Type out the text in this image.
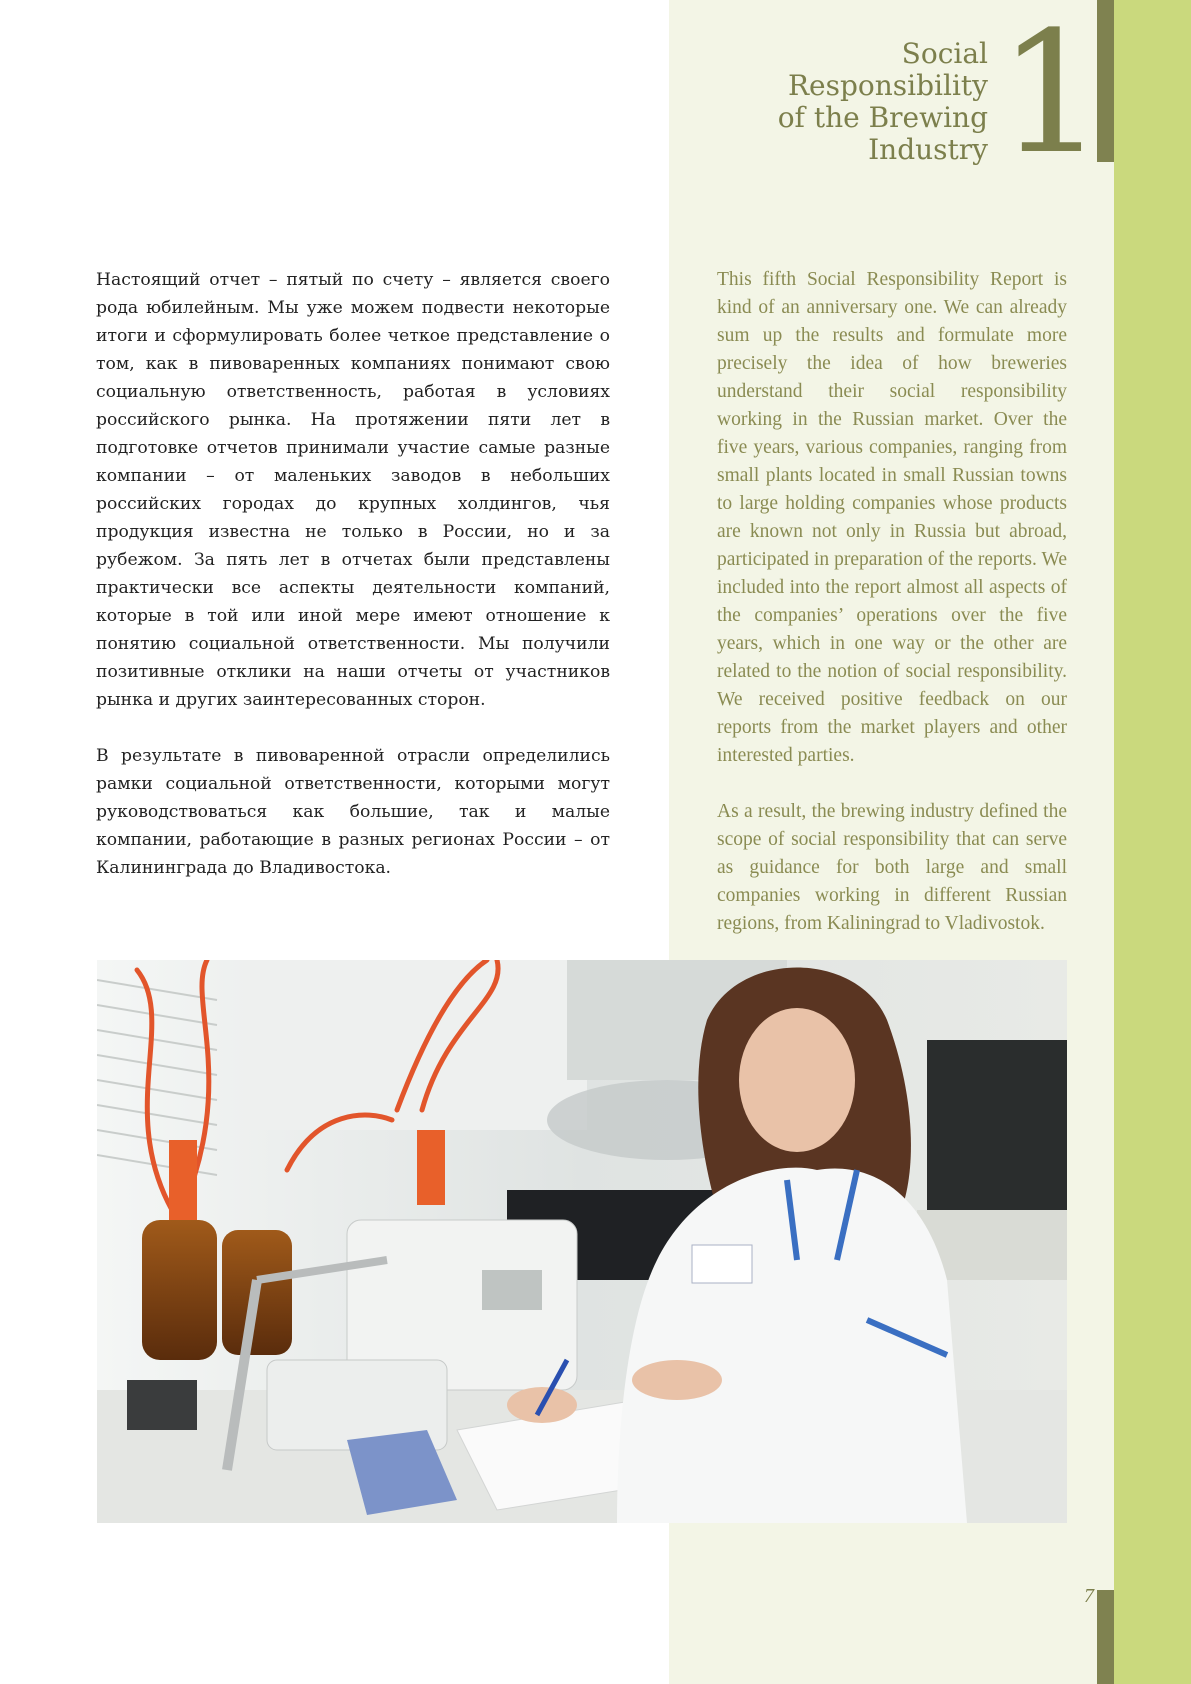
Social
Responsibility
of the Brewing
Industry 1

Настоящий отчет – пятый по счету – является своего рода юбилейным. Мы уже можем подвести некоторые итоги и сформулировать более четкое представление о том, как в пивоваренных компаниях понимают свою социальную ответственность, работая в условиях российского рынка. На протяжении пяти лет в подготовке отчетов принимали участие самые разные компании – от маленьких заводов в небольших российских городах до крупных холдингов, чья продукция известна не только в России, но и за рубежом. За пять лет в отчетах были представлены практически все аспекты деятельности компаний, которые в той или иной мере имеют отношение к понятию социальной ответственности. Мы получили позитивные отклики на наши отчеты от участников рынка и других заинтересованных сторон.

В результате в пивоваренной отрасли определились рамки социальной ответственности, которыми могут руководствоваться как большие, так и малые компании, работающие в разных регионах России – от Калининграда до Владивостока.

This fifth Social Responsibility Report is kind of an anniversary one. We can already sum up the results and formulate more precisely the idea of how breweries understand their social responsibility working in the Russian market. Over the five years, various companies, ranging from small plants located in small Russian towns to large holding companies whose products are known not only in Russia but abroad, participated in preparation of the reports. We included into the report almost all aspects of the companies’ operations over the five years, which in one way or the other are related to the notion of social responsibility. We received positive feedback on our reports from the market players and other interested parties.

As a result, the brewing industry defined the scope of social responsibility that can serve as guidance for both large and small companies working in different Russian regions, from Kaliningrad to Vladivostok.

7
